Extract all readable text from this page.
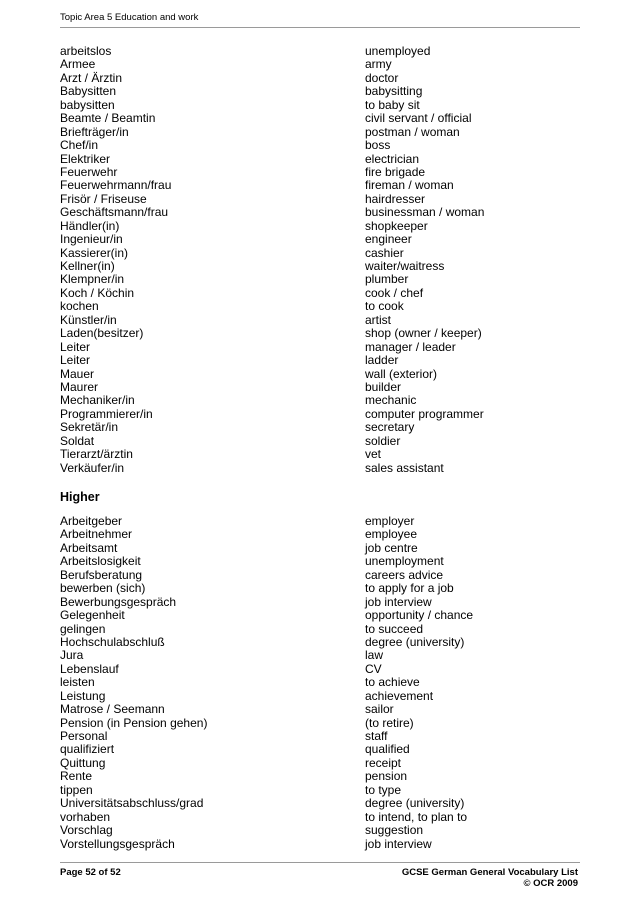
Topic Area 5 Education and work
arbeitslos	unemployed
Armee	army
Arzt / Ärztin	doctor
Babysitten	babysitting
babysitten	to baby sit
Beamte / Beamtin	civil servant / official
Briefträger/in	postman / woman
Chef/in	boss
Elektriker	electrician
Feuerwehr	fire brigade
Feuerwehrmann/frau	fireman / woman
Frisör / Friseuse	hairdresser
Geschäftsmann/frau	businessman / woman
Händler(in)	shopkeeper
Ingenieur/in	engineer
Kassierer(in)	cashier
Kellner(in)	waiter/waitress
Klempner/in	plumber
Koch / Köchin	cook / chef
kochen	to cook
Künstler/in	artist
Laden(besitzer)	shop (owner / keeper)
Leiter	manager / leader
Leiter	ladder
Mauer	wall (exterior)
Maurer	builder
Mechaniker/in	mechanic
Programmierer/in	computer programmer
Sekretär/in	secretary
Soldat	soldier
Tierarzt/ärztin	vet
Verkäufer/in	sales assistant
Higher
Arbeitgeber	employer
Arbeitnehmer	employee
Arbeitsamt	job centre
Arbeitslosigkeit	unemployment
Berufsberatung	careers advice
bewerben (sich)	to apply for a job
Bewerbungsgespräch	job interview
Gelegenheit	opportunity / chance
gelingen	to succeed
Hochschulabschluß	degree (university)
Jura	law
Lebenslauf	CV
leisten	to achieve
Leistung	achievement
Matrose / Seemann	sailor
Pension (in Pension gehen)	(to retire)
Personal	staff
qualifiziert	qualified
Quittung	receipt
Rente	pension
tippen	to type
Universitätsabschluss/grad	degree (university)
vorhaben	to intend, to plan to
Vorschlag	suggestion
Vorstellungsgespräch	job interview
Page 52 of 52	GCSE German General Vocabulary List
© OCR 2009
